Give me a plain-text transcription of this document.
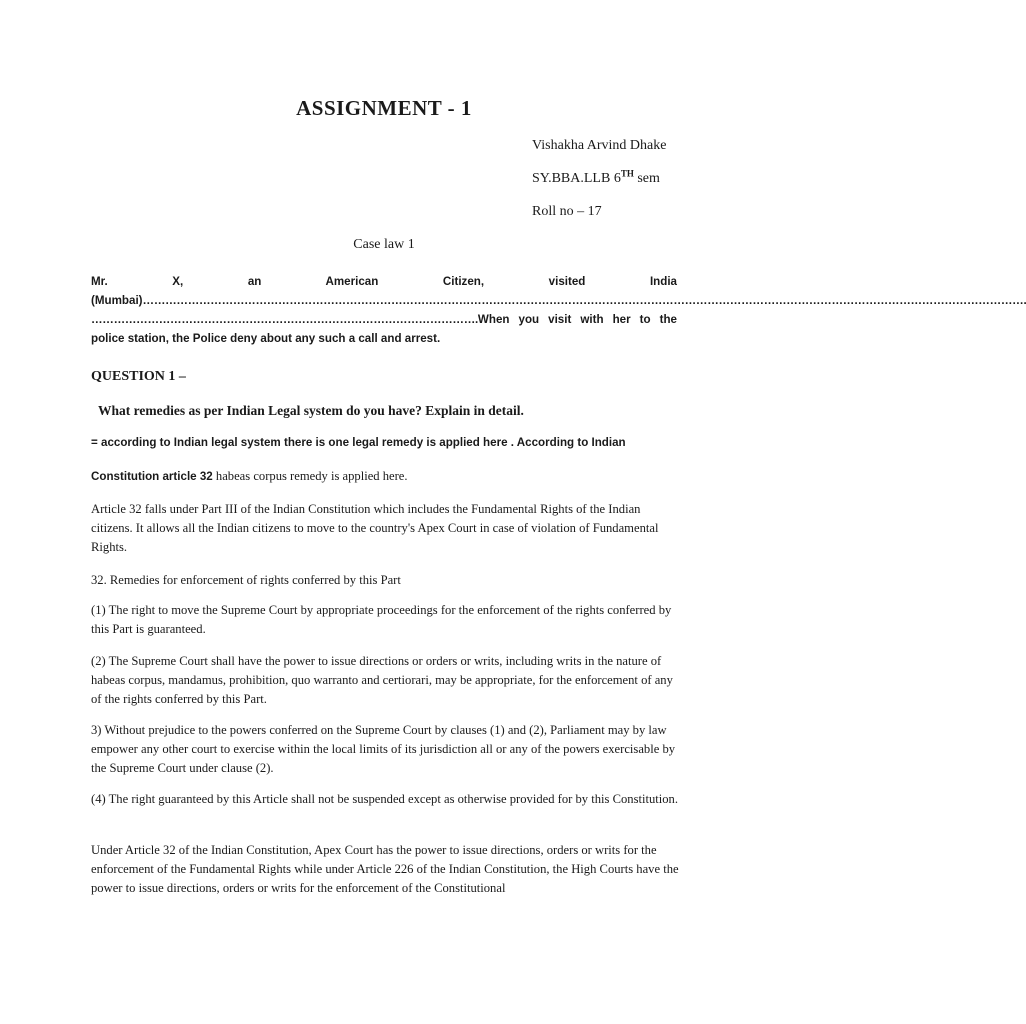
ASSIGNMENT - 1
Vishakha Arvind Dhake
SY.BBA.LLB 6TH sem
Roll no – 17
Case law 1
Mr. X, an American Citizen, visited India (Mumbai)………………………………………………………………………………………………………………………………………………………………………………………………………………. ………………………………………………………………………………………….When you visit with her to the police station, the Police deny about any such a call and arrest.
QUESTION 1 –
What remedies as per Indian Legal system do you have? Explain in detail.
= according to Indian legal system there is one legal remedy is applied here . According to Indian
Constitution article 32 habeas corpus remedy is applied here.
Article 32 falls under Part III of the Indian Constitution which includes the Fundamental Rights of the Indian citizens. It allows all the Indian citizens to move to the country's Apex Court in case of violation of Fundamental Rights.
32. Remedies for enforcement of rights conferred by this Part
(1) The right to move the Supreme Court by appropriate proceedings for the enforcement of the rights conferred by this Part is guaranteed.
(2) The Supreme Court shall have the power to issue directions or orders or writs, including writs in the nature of habeas corpus, mandamus, prohibition, quo warranto and certiorari, may be appropriate, for the enforcement of any of the rights conferred by this Part.
3) Without prejudice to the powers conferred on the Supreme Court by clauses (1) and (2), Parliament may by law empower any other court to exercise within the local limits of its jurisdiction all or any of the powers exercisable by the Supreme Court under clause (2).
(4) The right guaranteed by this Article shall not be suspended except as otherwise provided for by this Constitution.
Under Article 32 of the Indian Constitution, Apex Court has the power to issue directions, orders or writs for the enforcement of the Fundamental Rights while under Article 226 of the Indian Constitution, the High Courts have the power to issue directions, orders or writs for the enforcement of the Constitutional
